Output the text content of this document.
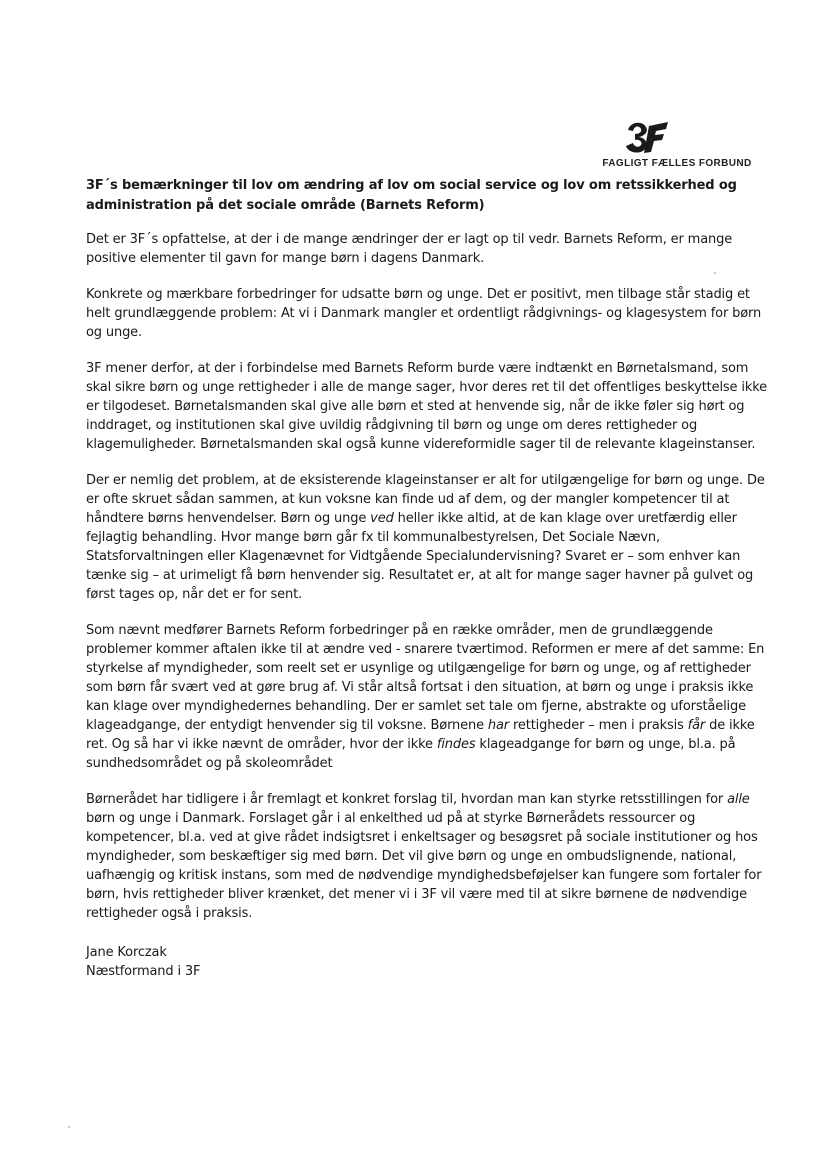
FAGLIGT FÆLLES FORBUND
3F´s bemærkninger til lov om ændring af lov om social service og lov om retssikkerhed og administration på det sociale område (Barnets Reform)

Det er 3F´s opfattelse, at der i de mange ændringer der er lagt op til vedr. Barnets Reform, er mange positive elementer til gavn for mange børn i dagens Danmark.

Konkrete og mærkbare forbedringer for udsatte børn og unge. Det er positivt, men tilbage står stadig et helt grundlæggende problem: At vi i Danmark mangler et ordentligt rådgivnings- og klagesystem for børn og unge.

3F mener derfor, at der i forbindelse med Barnets Reform burde være indtænkt en Børnetalsmand, som skal sikre børn og unge rettigheder i alle de mange sager, hvor deres ret til det offentliges beskyttelse ikke er tilgodeset. Børnetalsmanden skal give alle børn et sted at henvende sig, når de ikke føler sig hørt og inddraget, og institutionen skal give uvildig rådgivning til børn og unge om deres rettigheder og klagemuligheder. Børnetalsmanden skal også kunne videreformidle sager til de relevante klageinstanser.

Der er nemlig det problem, at de eksisterende klageinstanser er alt for utilgængelige for børn og unge. De er ofte skruet sådan sammen, at kun voksne kan finde ud af dem, og der mangler kompetencer til at håndtere børns henvendelser. Børn og unge ved heller ikke altid, at de kan klage over uretfærdig eller fejlagtig behandling. Hvor mange børn går fx til kommunalbestyrelsen, Det Sociale Nævn, Statsforvaltningen eller Klagenævnet for Vidtgående Specialundervisning? Svaret er – som enhver kan tænke sig – at urimeligt få børn henvender sig. Resultatet er, at alt for mange sager havner på gulvet og først tages op, når det er for sent.

Som nævnt medfører Barnets Reform forbedringer på en række områder, men de grundlæggende problemer kommer aftalen ikke til at ændre ved - snarere tværtimod. Reformen er mere af det samme: En styrkelse af myndigheder, som reelt set er usynlige og utilgængelige for børn og unge, og af rettigheder som børn får svært ved at gøre brug af. Vi står altså fortsat i den situation, at børn og unge i praksis ikke kan klage over myndighedernes behandling. Der er samlet set tale om fjerne, abstrakte og uforståelige klageadgange, der entydigt henvender sig til voksne. Børnene har rettigheder – men i praksis får de ikke ret. Og så har vi ikke nævnt de områder, hvor der ikke findes klageadgange for børn og unge, bl.a. på sundhedsområdet og på skoleområdet

Børnerådet har tidligere i år fremlagt et konkret forslag til, hvordan man kan styrke retsstillingen for alle børn og unge i Danmark. Forslaget går i al enkelthed ud på at styrke Børnerådets ressourcer og kompetencer, bl.a. ved at give rådet indsigtsret i enkeltsager og besøgsret på sociale institutioner og hos myndigheder, som beskæftiger sig med børn. Det vil give børn og unge en ombudslignende, national, uafhængig og kritisk instans, som med de nødvendige myndighedsbeføjelser kan fungere som fortaler for børn, hvis rettigheder bliver krænket, det mener vi i 3F vil være med til at sikre børnene de nødvendige rettigheder også i praksis.

Jane Korczak
Næstformand i 3F
